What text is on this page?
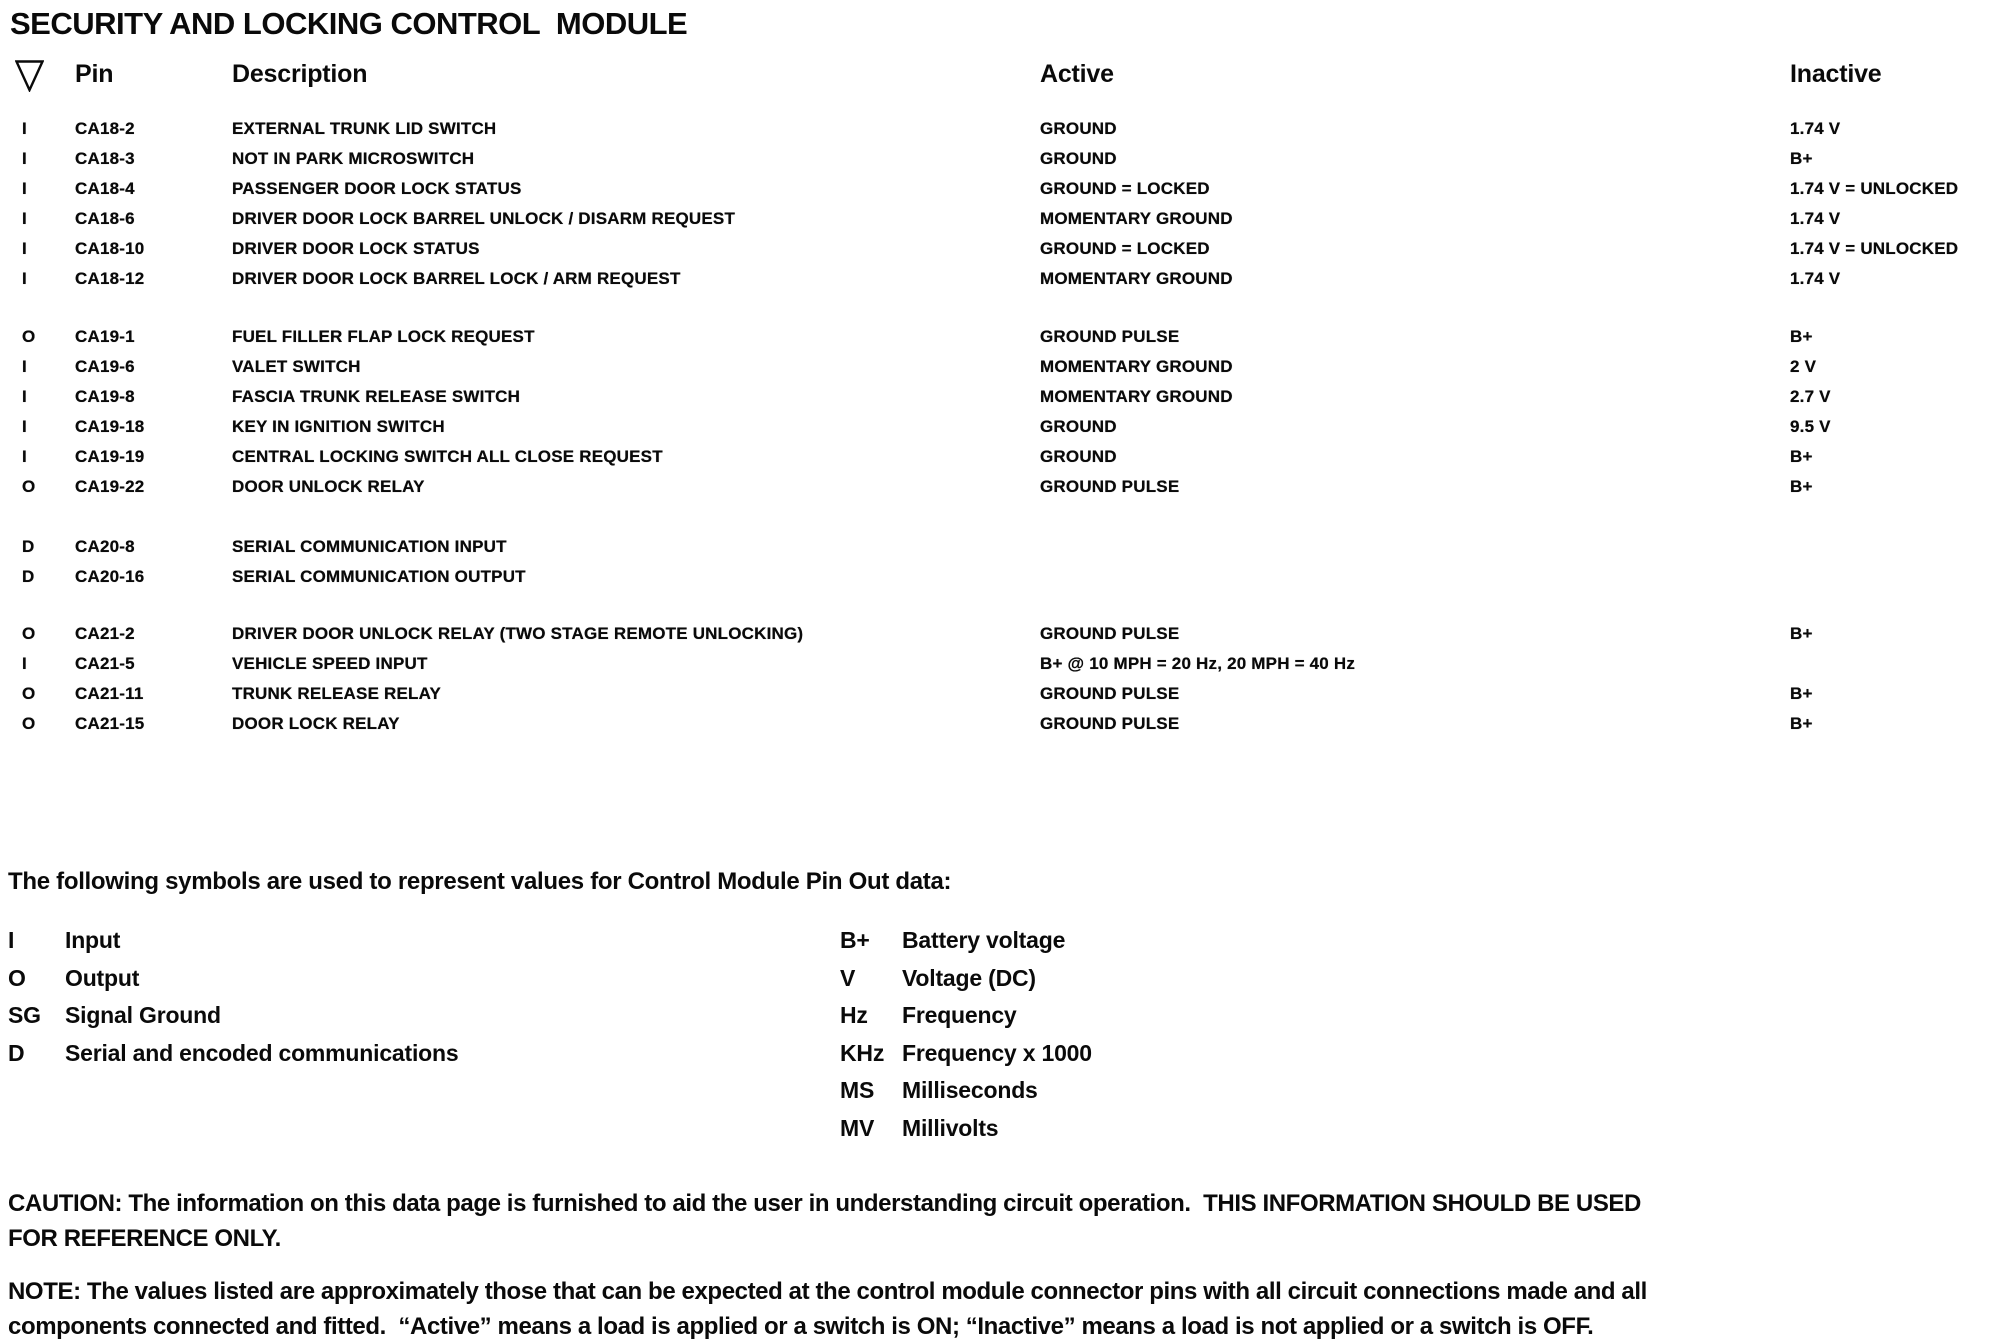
SECURITY AND LOCKING CONTROL  MODULE
Pin	Description	Active	Inactive
I	CA18-2	EXTERNAL TRUNK LID SWITCH	GROUND	1.74 V
I	CA18-3	NOT IN PARK MICROSWITCH	GROUND	B+
I	CA18-4	PASSENGER DOOR LOCK STATUS	GROUND = LOCKED	1.74 V = UNLOCKED
I	CA18-6	DRIVER DOOR LOCK BARREL UNLOCK / DISARM REQUEST	MOMENTARY GROUND	1.74 V
I	CA18-10	DRIVER DOOR LOCK STATUS	GROUND = LOCKED	1.74 V = UNLOCKED
I	CA18-12	DRIVER DOOR LOCK BARREL LOCK / ARM REQUEST	MOMENTARY GROUND	1.74 V
O	CA19-1	FUEL FILLER FLAP LOCK REQUEST	GROUND PULSE	B+
I	CA19-6	VALET SWITCH	MOMENTARY GROUND	2 V
I	CA19-8	FASCIA TRUNK RELEASE SWITCH	MOMENTARY GROUND	2.7 V
I	CA19-18	KEY IN IGNITION SWITCH	GROUND	9.5 V
I	CA19-19	CENTRAL LOCKING SWITCH ALL CLOSE REQUEST	GROUND	B+
O	CA19-22	DOOR UNLOCK RELAY	GROUND PULSE	B+
D	CA20-8	SERIAL COMMUNICATION INPUT
D	CA20-16	SERIAL COMMUNICATION OUTPUT
O	CA21-2	DRIVER DOOR UNLOCK RELAY (TWO STAGE REMOTE UNLOCKING)	GROUND PULSE	B+
I	CA21-5	VEHICLE SPEED INPUT	B+ @ 10 MPH = 20 Hz, 20 MPH = 40 Hz
O	CA21-11	TRUNK RELEASE RELAY	GROUND PULSE	B+
O	CA21-15	DOOR LOCK RELAY	GROUND PULSE	B+

The following symbols are used to represent values for Control Module Pin Out data:

I	Input
O	Output
SG	Signal Ground
D	Serial and encoded communications
B+	Battery voltage
V	Voltage (DC)
Hz	Frequency
KHz Frequency x 1000
MS	Milliseconds
MV	Millivolts

CAUTION: The information on this data page is furnished to aid the user in understanding circuit operation.  THIS INFORMATION SHOULD BE USED
FOR REFERENCE ONLY.

NOTE: The values listed are approximately those that can be expected at the control module connector pins with all circuit connections made and all
components connected and fitted.  “Active” means a load is applied or a switch is ON; “Inactive” means a load is not applied or a switch is OFF.
